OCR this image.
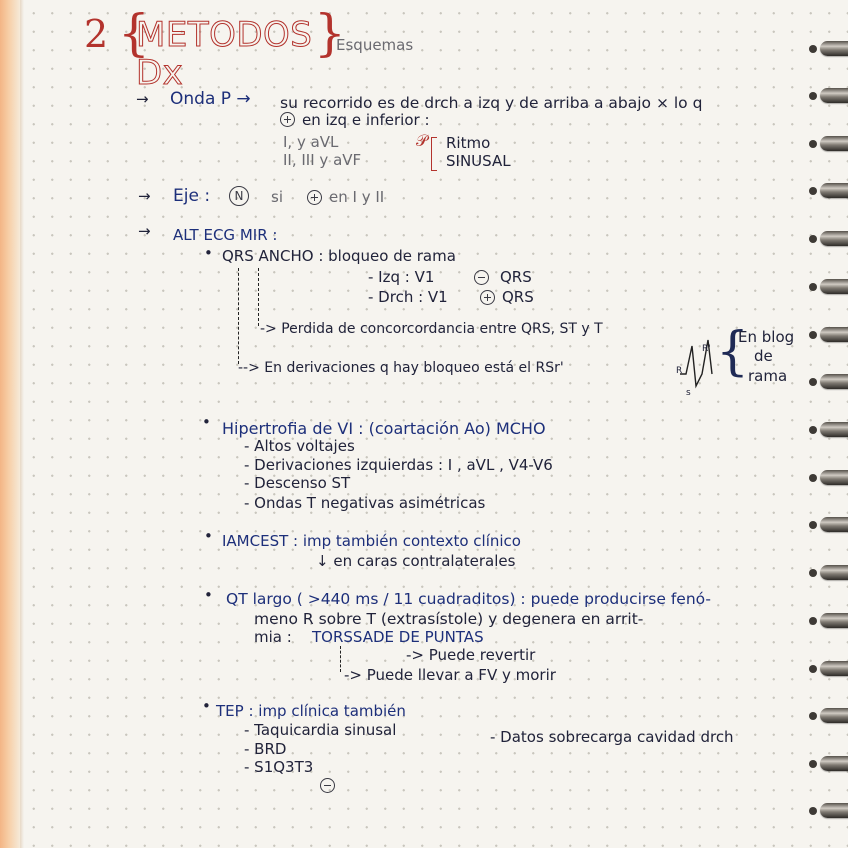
2 {
METODOS Dx
}
Esquemas
→ Onda P → su recorrido es de drch a izq y de arriba a abajo × lo q
en izq e inferior :
I, y aVL
II, III y aVF
𝒫 Ritmo
SINUSAL
→ Eje :	N	si	en I y II
→ ALT ECG MIR :
• QRS ANCHO : bloqueo de rama
- Izq : V1	QRS
- Drch : V1	QRS
-> Perdida de concorcordancia entre QRS, ST y T
--> En derivaciones q hay bloqueo está el RSr'	R
R'
s
{
En blog
de
rama
• Hipertrofia de VI : (coartación Ao) MCHO
- Altos voltajes
- Derivaciones izquierdas : I , aVL , V4-V6
- Descenso ST
- Ondas T negativas asimétricas
• IAMCEST : imp también contexto clínico
↓ en caras contralaterales
• QT largo ( >440 ms / 11 cuadraditos) : puede producirse fenó-
meno R sobre T (extrasístole) y degenera en arrit-
mia : TORSSADE DE PUNTAS
-> Puede revertir
-> Puede llevar a FV y morir
• TEP : imp clínica también
- Taquicardia sinusal
- BRD
- S1Q3T3
- Datos sobrecarga cavidad drch
